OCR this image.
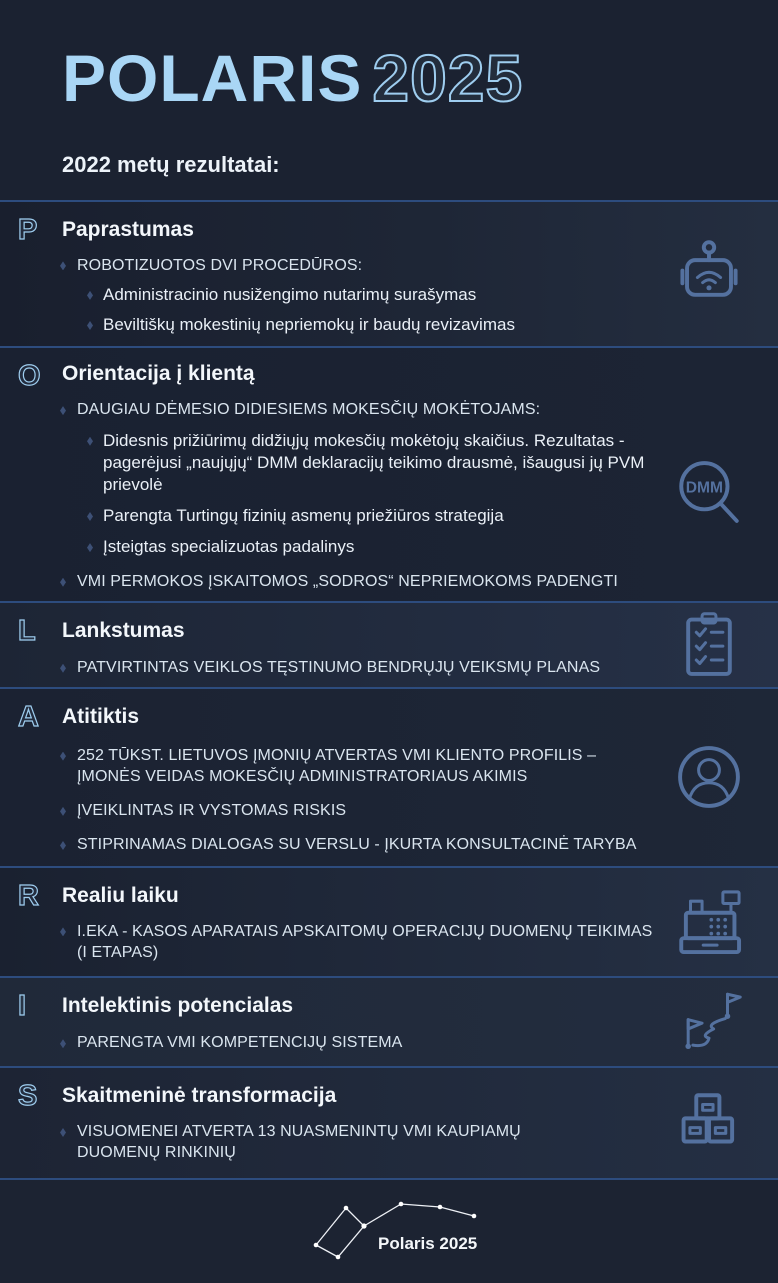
POLARIS 2025
2022 metų rezultatai:
P Paprastumas
ROBOTIZUOTOS DVI PROCEDŪROS:
Administracinio nusižengimo nutarimų surašymas
Beviltiškų mokestinių nepriemokų ir baudų revizavimas
O Orientacija į klientą
DAUGIAU DĖMESIO DIDIESIEMS MOKESČIŲ MOKĖTOJAMS:
Didesnis prižiūrimų didžiųjų mokesčių mokėtojų skaičius. Rezultatas - pagerėjusi „naujųjų“ DMM deklaracijų teikimo drausmė, išaugusi jų PVM prievolė
Parengta Turtingų fizinių asmenų priežiūros strategija
Įsteigtas specializuotas padalinys
VMI PERMOKOS ĮSKAITOMOS „SODROS“ NEPRIEMOKOMS PADENGTI
DMM
L Lankstumas
PATVIRTINTAS VEIKLOS TĘSTINUMO BENDRŲJŲ VEIKSMŲ PLANAS
A Atitiktis
252 TŪKST. LIETUVOS ĮMONIŲ ATVERTAS VMI KLIENTO PROFILIS – ĮMONĖS VEIDAS MOKESČIŲ ADMINISTRATORIAUS AKIMIS
ĮVEIKLINTAS IR VYSTOMAS RISKIS
STIPRINAMAS DIALOGAS SU VERSLU - ĮKURTA KONSULTACINĖ TARYBA
R Realiu laiku
I.EKA - KASOS APARATAIS APSKAITOMŲ OPERACIJŲ DUOMENŲ TEIKIMAS (I ETAPAS)
I Intelektinis potencialas
PARENGTA VMI KOMPETENCIJŲ SISTEMA
S Skaitmeninė transformacija
VISUOMENEI ATVERTA 13 NUASMENINTŲ VMI KAUPIAMŲ DUOMENŲ RINKINIŲ
Polaris 2025
